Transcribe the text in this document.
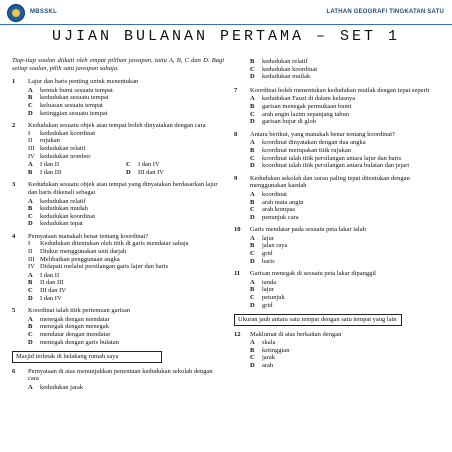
MBSSKL	LATHAN GEOGRAFI TINGKATAN SATU
UJIAN BULANAN PERTAMA – SET 1
Tiap-tiap soalan diikuti oleh empat pilihan jawapan, iaitu A, B, C dan D. Bagi setiap soalan, pilih satu jawapan sahaja.
1 Lajur dan baris penting untuk menentukan
A	bentuk bumi sesuatu tempat
B	kedudukan sesuatu tempat
C	keluasan sesuatu tempat
D	ketinggian sesuatu tempat
2 Kedudukan sesuatu objek atau tempat boleh dinyatakan dengan cara
I	kedudukan koordinat
II	rujukan
III kedudukan relatif
IV kedudukan nombor
A	I dan II	C	I dan IV
B	I dan III	D	III dan IV
3 Kedudukan sesuatu objek atau tempat yang dinyatakan berdasarkan lajur dan baris dikenali sebagai
A	kedudukan relatif
B	kedudukan mudah
C	kedudukan koordinat
D	kedudukan tepat
4 Pernyataan manakah benar tentang koordinat?
I	Kedudukan ditentukan oleh titik di garis mendatar sahaja
II	Diukur menggunakan unit darjah
III Melibatkan penggunaan angka
IV Didapati melalui persilangan garis lajur dan baris
A	I dan II
B	II dan III
C	III dan IV
D	I dan IV
5 Koordinat ialah titik pertemuan garisan
A	menegak dengan mendatar
B	menegak dengan menegak
C	mendatar dengan mendatar
D	menegak dengan garis bulatan
Masjid terletak di belakang rumah saya
6 Pernyataan di atas menunjukkan penentuan kedudukan sekolah dengan cara
A	kedudukan jarak
B	kedudukan relatif
C	kedudukan koordinat
D	kedudukan mutlak
7 Koordinat boleh menentukan kedudukan mutlak dengan tepat seperti
A	kedudukan Fauzi di dalam kelasnya
B	garisan menegak permukaan bumi
C	arah angin lazim sepanjang tahun
D	garisan bujur di glob
8 Antara berikut, yang manakah benar tentang koordinat?
A	koordinat dinyatakan dengan dua angka
B	koordinat merupakan titik rujukan
C	koordinat ialah titik persilangan antara lajur dan baris
D	koordinat ialah titik persilangan antara bulatan dan jejari
9 Kedudukan sekolah dan surau paling tepat ditentukan dengan menggunakan kaedah
A	koordinat
B	arah mata angin
C	arah kompas
D	penunjuk cara
10 Garis mendatar pada sesuatu peta lakar ialah
A	lajur
B	jalan raya
C	grid
D	baris
11 Garisan menegak di sesuatu peta lakar dipanggil
A	tanda
B	lajur
C	petunjuk
D	grid
Ukuran jauh antara satu tempat dengan satu tempat yang lain
12 Maklumat di atas berkaitan dengan
A	skala
B	ketinggian
C	jarak
D	arah
